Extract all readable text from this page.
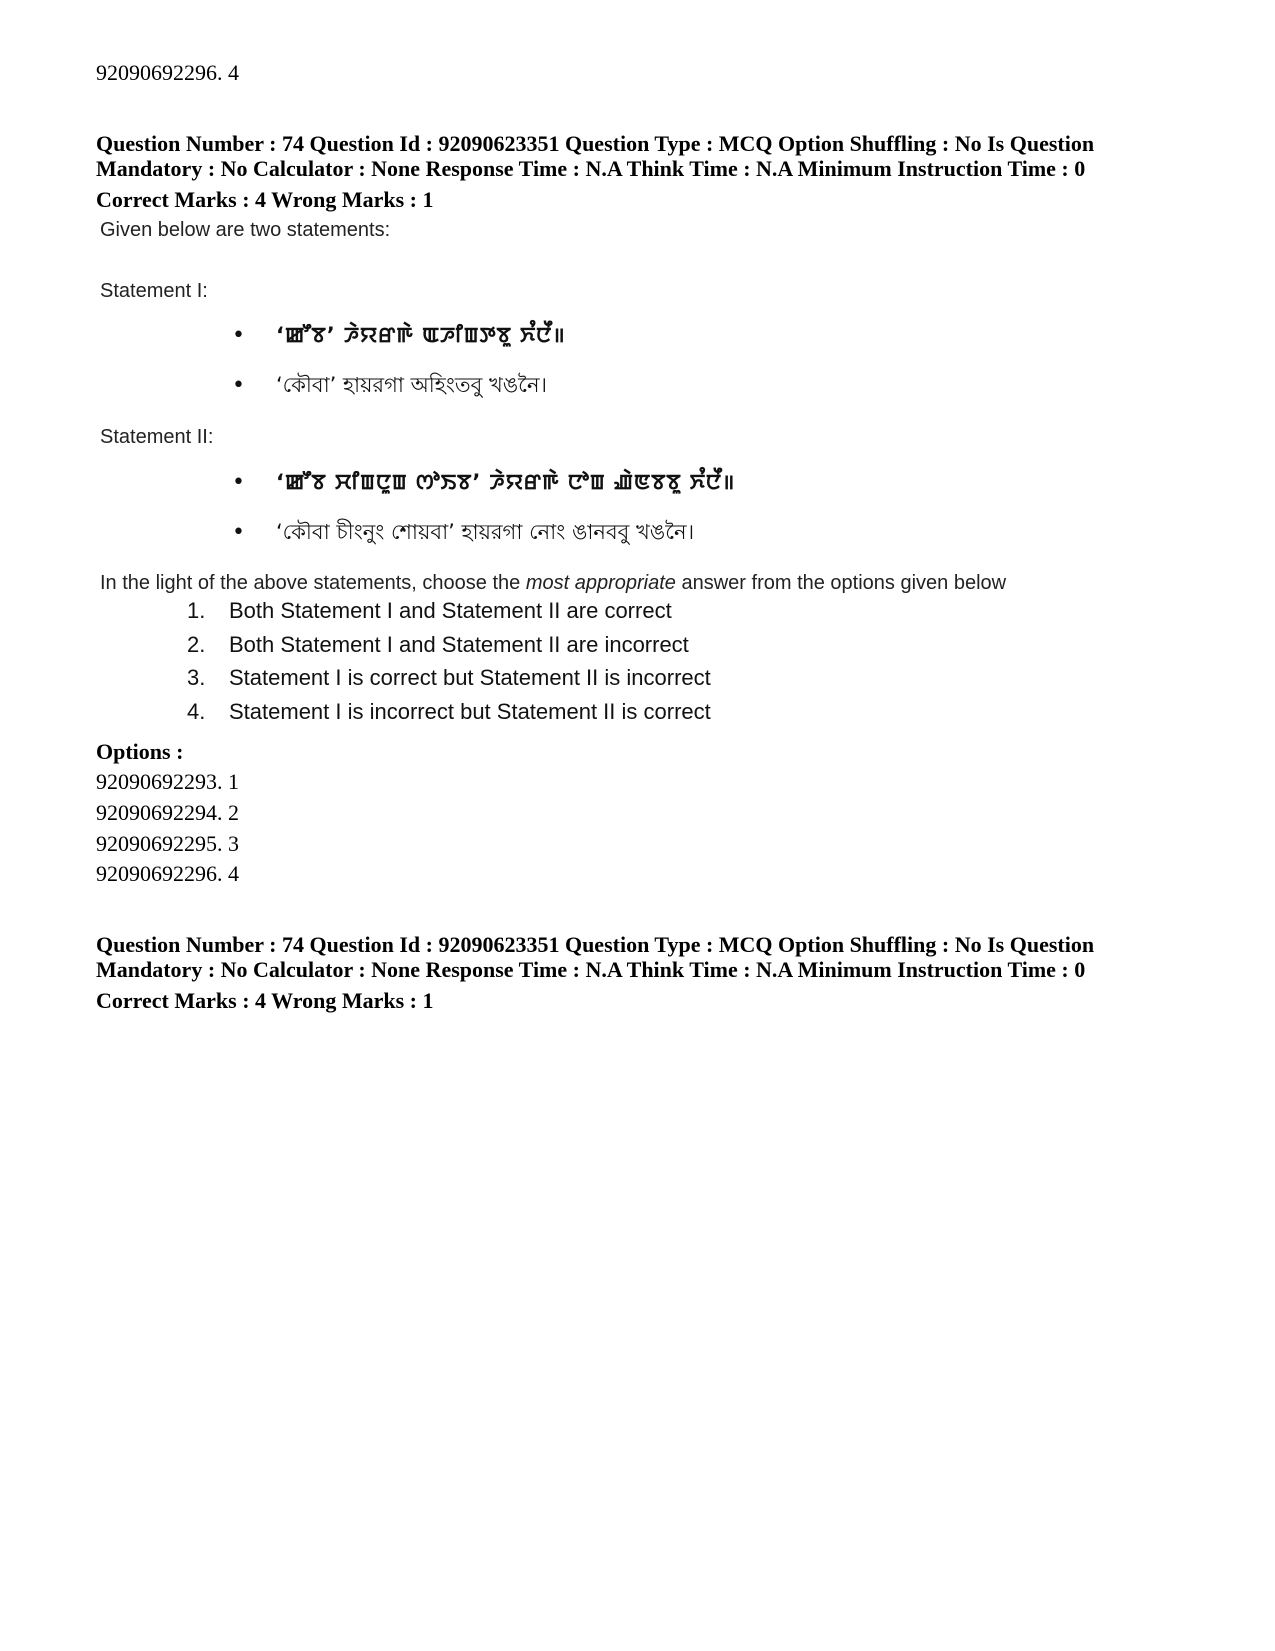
92090692296. 4
Question Number : 74 Question Id : 92090623351 Question Type : MCQ Option Shuffling : No Is Question
Mandatory : No Calculator : None Response Time : N.A Think Time : N.A Minimum Instruction Time : 0
Correct Marks : 4 Wrong Marks : 1
Given below are two statements:
Statement I:
• ‘ꯀꯧꯕ’ ꯍꯥꯌꯔꯒꯥ ꯑꯍꯤꯡꯇꯕꯨ ꯈꯪꯅꯩ॥
• ‘কৌবা’ হায়রগা অহিংতবু খঙনৈ।
Statement II:
• ‘ꯀꯧꯕ ꯆꯤꯡꯅꯨꯡ ꯁꯣꯏꯕ’ ꯍꯥꯌꯔꯒꯥ ꯅꯣꯡ ꯉꯥꯟꯕꯕꯨ ꯈꯪꯅꯩ॥
• ‘কৌবা চীংনুং শোয়বা’ হায়রগা নোং ঙানববু খঙনৈ।
In the light of the above statements, choose the most appropriate answer from the options given below
1. Both Statement I and Statement II are correct
2. Both Statement I and Statement II are incorrect
3. Statement I is correct but Statement II is incorrect
4. Statement I is incorrect but Statement II is correct
Options :
92090692293. 1
92090692294. 2
92090692295. 3
92090692296. 4
Question Number : 74 Question Id : 92090623351 Question Type : MCQ Option Shuffling : No Is Question
Mandatory : No Calculator : None Response Time : N.A Think Time : N.A Minimum Instruction Time : 0
Correct Marks : 4 Wrong Marks : 1
